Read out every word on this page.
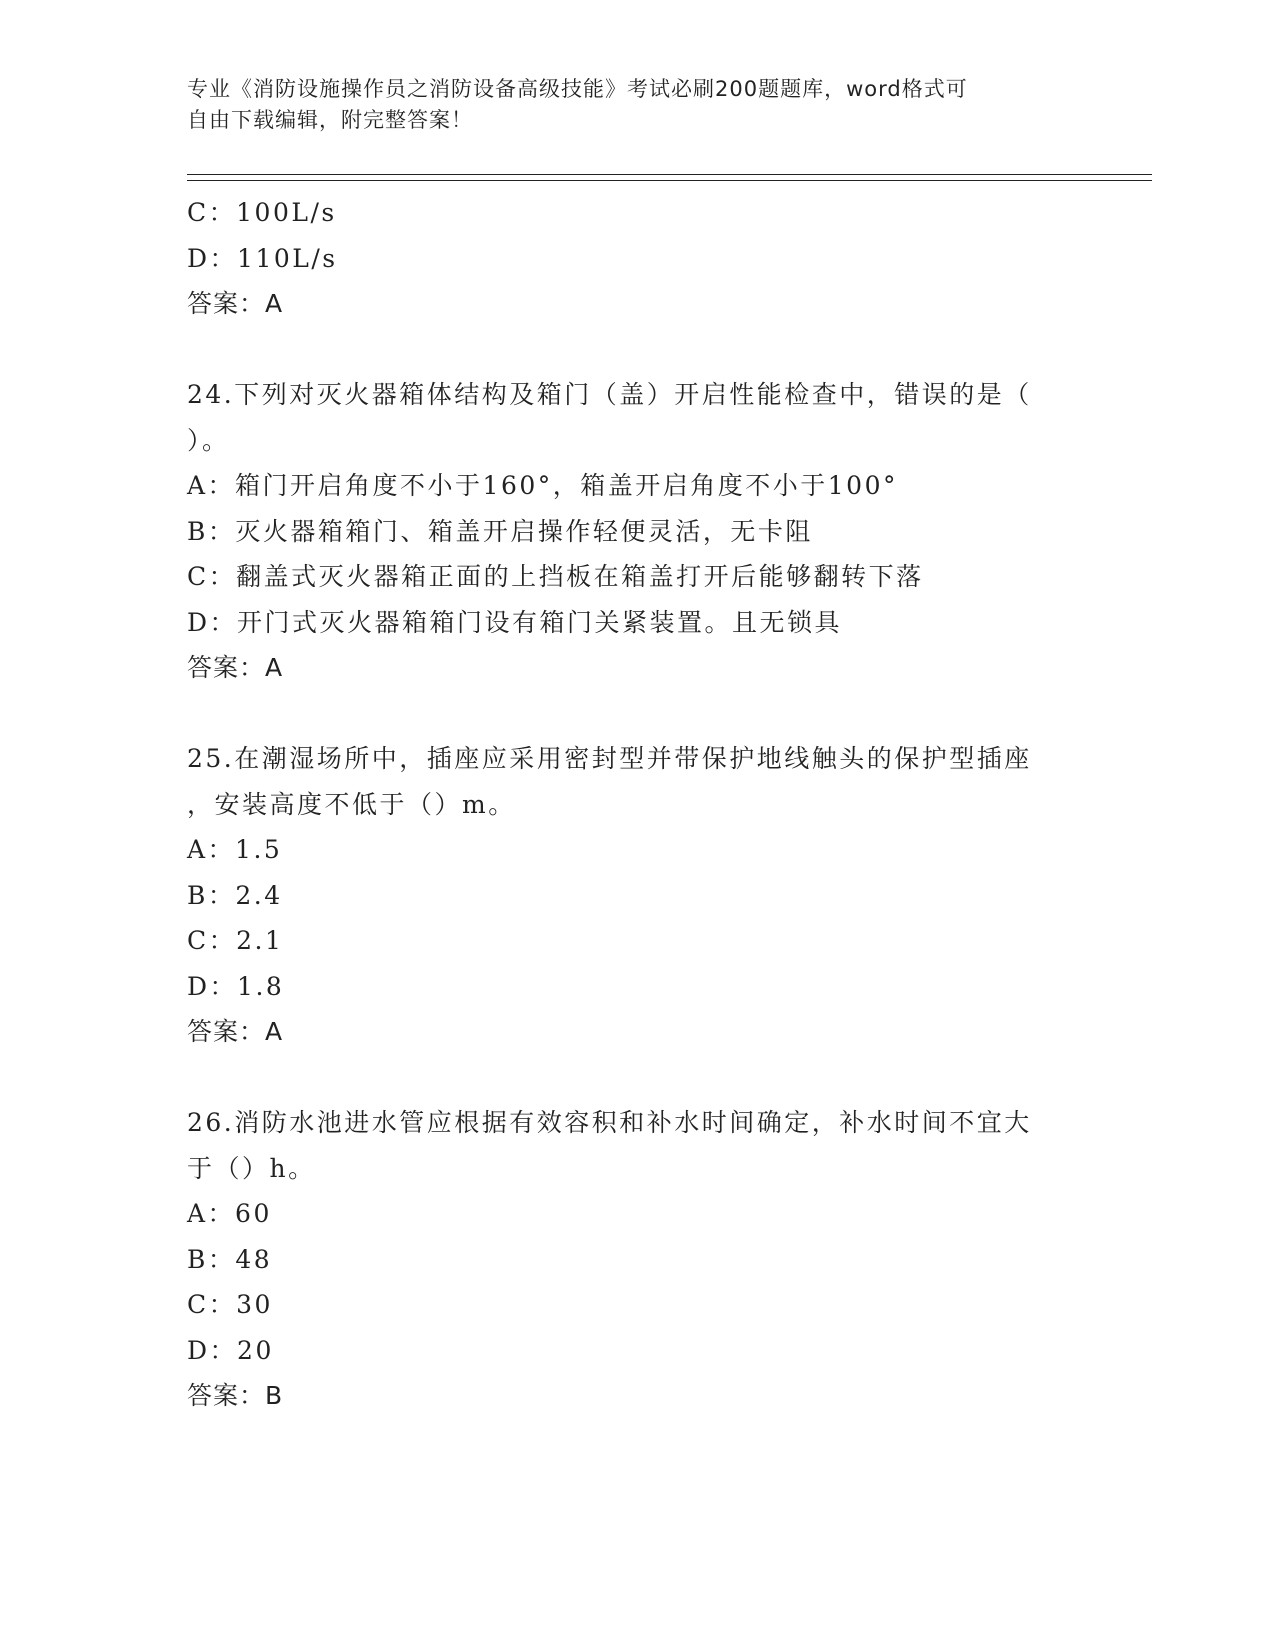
专业《消防设施操作员之消防设备高级技能》考试必刷200题题库，word格式可
自由下载编辑，附完整答案！
C：100L/s
D：110L/s
答案：A
24.下列对灭火器箱体结构及箱门（盖）开启性能检查中，错误的是（
）。
A：箱门开启角度不小于160°，箱盖开启角度不小于100°
B：灭火器箱箱门、箱盖开启操作轻便灵活，无卡阻
C：翻盖式灭火器箱正面的上挡板在箱盖打开后能够翻转下落
D：开门式灭火器箱箱门设有箱门关紧装置。且无锁具
答案：A
25.在潮湿场所中，插座应采用密封型并带保护地线触头的保护型插座
，安装高度不低于（）m。
A：1.5
B：2.4
C：2.1
D：1.8
答案：A
26.消防水池进水管应根据有效容积和补水时间确定，补水时间不宜大
于（）h。
A：60
B：48
C：30
D：20
答案：B
